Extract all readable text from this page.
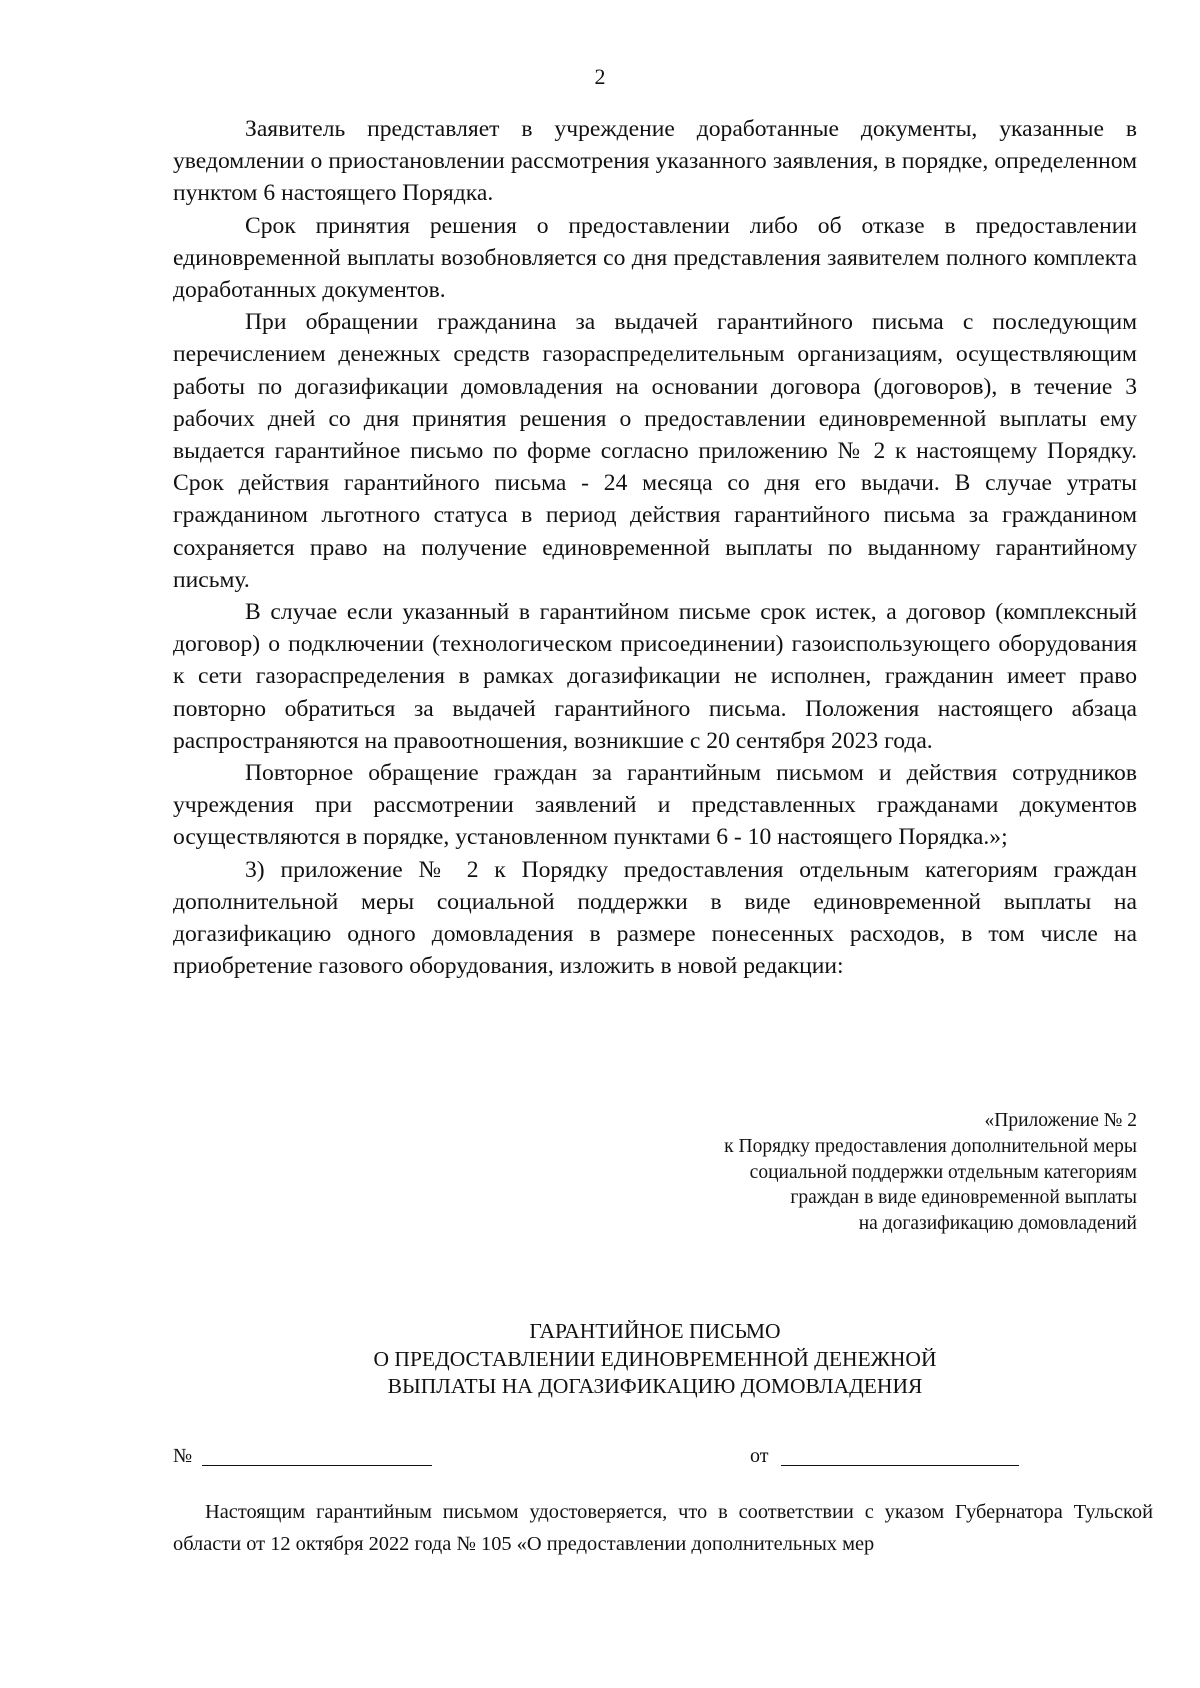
2

Заявитель представляет в учреждение доработанные документы, указанные в уведомлении о приостановлении рассмотрения указанного заявления, в порядке, определенном пунктом 6 настоящего Порядка.

Срок принятия решения о предоставлении либо об отказе в предоставлении единовременной выплаты возобновляется со дня представления заявителем полного комплекта доработанных документов.

При обращении гражданина за выдачей гарантийного письма с последующим перечислением денежных средств газораспределительным организациям, осуществляющим работы по догазификации домовладения на основании договора (договоров), в течение 3 рабочих дней со дня принятия решения о предоставлении единовременной выплаты ему выдается гарантийное письмо по форме согласно приложению № 2 к настоящему Порядку. Срок действия гарантийного письма - 24 месяца со дня его выдачи. В случае утраты гражданином льготного статуса в период действия гарантийного письма за гражданином сохраняется право на получение единовременной выплаты по выданному гарантийному письму.

В случае если указанный в гарантийном письме срок истек, а договор (комплексный договор) о подключении (технологическом присоединении) газоиспользующего оборудования к сети газораспределения в рамках догазификации не исполнен, гражданин имеет право повторно обратиться за выдачей гарантийного письма. Положения настоящего абзаца распространяются на правоотношения, возникшие с 20 сентября 2023 года.

Повторное обращение граждан за гарантийным письмом и действия сотрудников учреждения при рассмотрении заявлений и представленных гражданами документов осуществляются в порядке, установленном пунктами 6 - 10 настоящего Порядка.»;

3) приложение № 2 к Порядку предоставления отдельным категориям граждан дополнительной меры социальной поддержки в виде единовременной выплаты на догазификацию одного домовладения в размере понесенных расходов, в том числе на приобретение газового оборудования, изложить в новой редакции:

«Приложение № 2
к Порядку предоставления дополнительной меры
социальной поддержки отдельным категориям
граждан в виде единовременной выплаты
на догазификацию домовладений
ГАРАНТИЙНОЕ ПИСЬМО
О ПРЕДОСТАВЛЕНИИ ЕДИНОВРЕМЕННОЙ ДЕНЕЖНОЙ
ВЫПЛАТЫ НА ДОГАЗИФИКАЦИЮ ДОМОВЛАДЕНИЯ
№	от

Настоящим гарантийным письмом удостоверяется, что в соответствии с указом Губернатора Тульской области от 12 октября 2022 года № 105 «О предоставлении дополнительных мер
